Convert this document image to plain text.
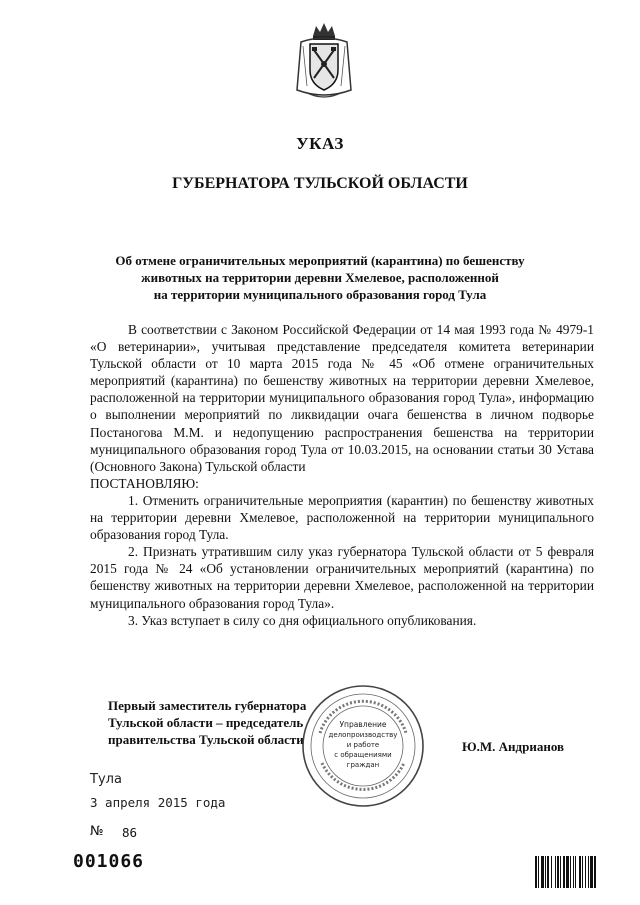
УКАЗ
ГУБЕРНАТОРА ТУЛЬСКОЙ ОБЛАСТИ
Об отмене ограничительных мероприятий (карантина) по бешенству
животных на территории деревни Хмелевое, расположенной
на территории муниципального образования город Тула

В соответствии с Законом Российской Федерации от 14 мая 1993 года № 4979-1 «О ветеринарии», учитывая представление председателя комитета ветеринарии Тульской области от 10 марта 2015 года № 45 «Об отмене ограничительных мероприятий (карантина) по бешенству животных на территории деревни Хмелевое, расположенной на территории муниципального образования город Тула», информацию о выполнении мероприятий по ликвидации очага бешенства в личном подворье Постаногова М.М. и недопущению распространения бешенства на территории муниципального образования город Тула от 10.03.2015, на основании статьи 30 Устава (Основного Закона) Тульской области

ПОСТАНОВЛЯЮ:

1. Отменить ограничительные мероприятия (карантин) по бешенству животных на территории деревни Хмелевое, расположенной на территории муниципального образования город Тула.

2. Признать утратившим силу указ губернатора Тульской области от 5 февраля 2015 года № 24 «Об установлении ограничительных мероприятий (карантина) по бешенству животных на территории деревни Хмелевое, расположенной на территории муниципального образования город Тула».

3. Указ вступает в силу со дня официального опубликования.

Первый заместитель губернатора
Тульской области – председатель
правительства Тульской области
Управление
делопроизводству
и работе
с обращениями
граждан
Ю.М. Андрианов
Тула
3 апреля 2015 года
№ 86
001066
